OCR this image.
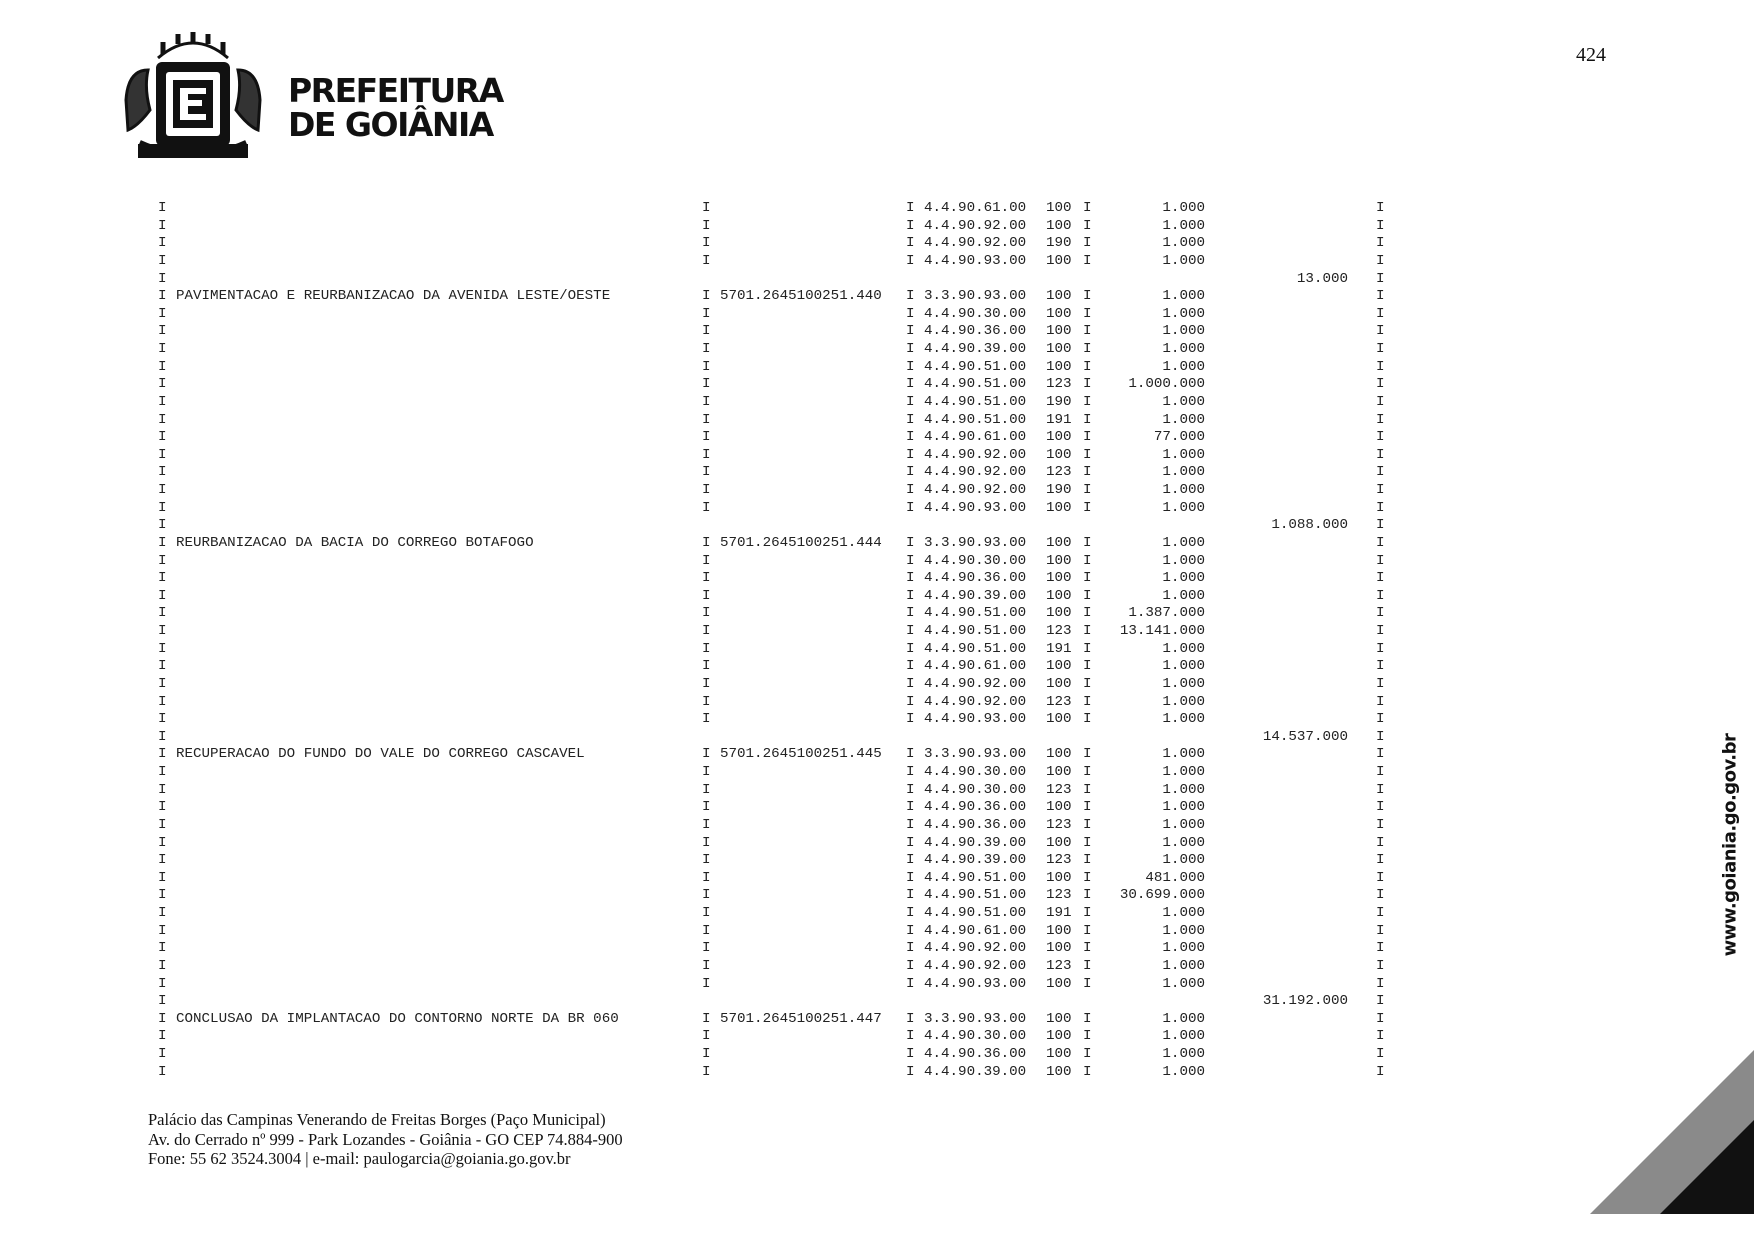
PREFEITURA
DE GOIÂNIA
424
I	I	I 4.4.90.61.00 100 I	1.000	I
I	I	I 4.4.90.92.00 100 I	1.000	I
I	I	I 4.4.90.92.00 190 I	1.000	I
I	I	I 4.4.90.93.00 100 I	1.000	I
I	13.000 I
I PAVIMENTACAO E REURBANIZACAO DA AVENIDA LESTE/OESTE	I 5701.2645100251.440 I 3.3.90.93.00 100 I	1.000	I
I	I	I 4.4.90.30.00 100 I	1.000	I
I	I	I 4.4.90.36.00 100 I	1.000	I
I	I	I 4.4.90.39.00 100 I	1.000	I
I	I	I 4.4.90.51.00 100 I	1.000	I
I	I	I 4.4.90.51.00 123 I	1.000.000	I
I	I	I 4.4.90.51.00 190 I	1.000	I
I	I	I 4.4.90.51.00 191 I	1.000	I
I	I	I 4.4.90.61.00 100 I	77.000	I
I	I	I 4.4.90.92.00 100 I	1.000	I
I	I	I 4.4.90.92.00 123 I	1.000	I
I	I	I 4.4.90.92.00 190 I	1.000	I
I	I	I 4.4.90.93.00 100 I	1.000	I
I	1.088.000 I
I REURBANIZACAO DA BACIA DO CORREGO BOTAFOGO	I 5701.2645100251.444 I 3.3.90.93.00 100 I	1.000	I
I	I	I 4.4.90.30.00 100 I	1.000	I
I	I	I 4.4.90.36.00 100 I	1.000	I
I	I	I 4.4.90.39.00 100 I	1.000	I
I	I	I 4.4.90.51.00 100 I	1.387.000	I
I	I	I 4.4.90.51.00 123 I	13.141.000	I
I	I	I 4.4.90.51.00 191 I	1.000	I
I	I	I 4.4.90.61.00 100 I	1.000	I
I	I	I 4.4.90.92.00 100 I	1.000	I
I	I	I 4.4.90.92.00 123 I	1.000	I
I	I	I 4.4.90.93.00 100 I	1.000	I
I	14.537.000 I
I RECUPERACAO DO FUNDO DO VALE DO CORREGO CASCAVEL	I 5701.2645100251.445 I 3.3.90.93.00 100 I	1.000	I
I	I	I 4.4.90.30.00 100 I	1.000	I
I	I	I 4.4.90.30.00 123 I	1.000	I
I	I	I 4.4.90.36.00 100 I	1.000	I
I	I	I 4.4.90.36.00 123 I	1.000	I
I	I	I 4.4.90.39.00 100 I	1.000	I
I	I	I 4.4.90.39.00 123 I	1.000	I
I	I	I 4.4.90.51.00 100 I	481.000	I
I	I	I 4.4.90.51.00 123 I	30.699.000	I
I	I	I 4.4.90.51.00 191 I	1.000	I
I	I	I 4.4.90.61.00 100 I	1.000	I
I	I	I 4.4.90.92.00 100 I	1.000	I
I	I	I 4.4.90.92.00 123 I	1.000	I
I	I	I 4.4.90.93.00 100 I	1.000	I
I	31.192.000 I
I CONCLUSAO DA IMPLANTACAO DO CONTORNO NORTE DA BR 060	I 5701.2645100251.447 I 3.3.90.93.00 100 I	1.000	I
I	I	I 4.4.90.30.00 100 I	1.000	I
I	I	I 4.4.90.36.00 100 I	1.000	I
I	I	I 4.4.90.39.00 100 I	1.000	I
Palácio das Campinas Venerando de Freitas Borges (Paço Municipal)
Av. do Cerrado nº 999 - Park Lozandes - Goiânia - GO CEP 74.884-900
Fone: 55 62 3524.3004 | e-mail: paulogarcia@goiania.go.gov.br
www.goiania.go.gov.br
